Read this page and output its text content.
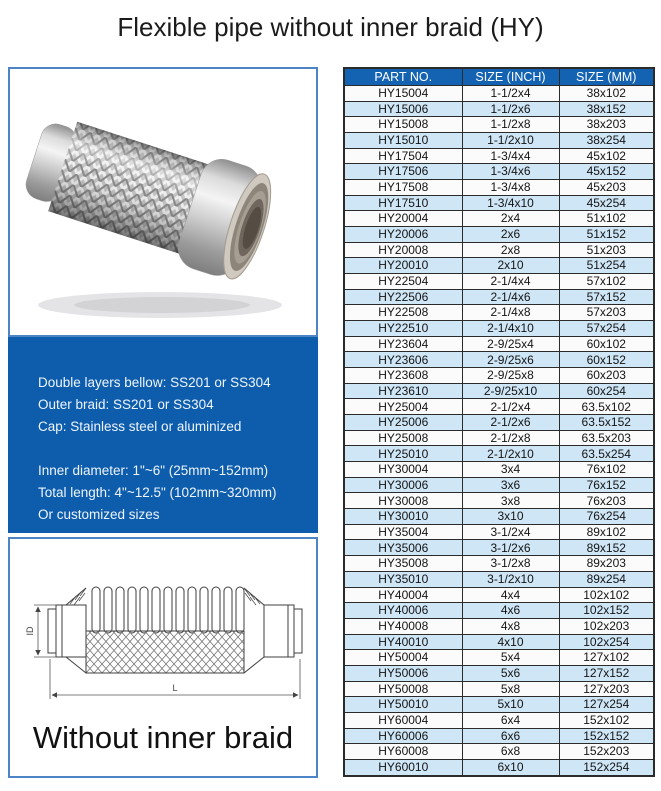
Flexible pipe without inner braid (HY)
Double layers bellow: SS201 or SS304
Outer braid: SS201 or SS304
Cap: Stainless steel or aluminized

Inner diameter: 1"~6" (25mm~152mm)
Total length: 4"~12.5" (102mm~320mm)
Or customized sizes
ID
L
Without inner braid
PART NO.	SIZE (INCH)	SIZE (MM)
HY15004	1-1/2x4	38x102
HY15006	1-1/2x6	38x152
HY15008	1-1/2x8	38x203
HY15010	1-1/2x10	38x254
HY17504	1-3/4x4	45x102
HY17506	1-3/4x6	45x152
HY17508	1-3/4x8	45x203
HY17510	1-3/4x10	45x254
HY20004	2x4	51x102
HY20006	2x6	51x152
HY20008	2x8	51x203
HY20010	2x10	51x254
HY22504	2-1/4x4	57x102
HY22506	2-1/4x6	57x152
HY22508	2-1/4x8	57x203
HY22510	2-1/4x10	57x254
HY23604	2-9/25x4	60x102
HY23606	2-9/25x6	60x152
HY23608	2-9/25x8	60x203
HY23610	2-9/25x10	60x254
HY25004	2-1/2x4	63.5x102
HY25006	2-1/2x6	63.5x152
HY25008	2-1/2x8	63.5x203
HY25010	2-1/2x10	63.5x254
HY30004	3x4	76x102
HY30006	3x6	76x152
HY30008	3x8	76x203
HY30010	3x10	76x254
HY35004	3-1/2x4	89x102
HY35006	3-1/2x6	89x152
HY35008	3-1/2x8	89x203
HY35010	3-1/2x10	89x254
HY40004	4x4	102x102
HY40006	4x6	102x152
HY40008	4x8	102x203
HY40010	4x10	102x254
HY50004	5x4	127x102
HY50006	5x6	127x152
HY50008	5x8	127x203
HY50010	5x10	127x254
HY60004	6x4	152x102
HY60006	6x6	152x152
HY60008	6x8	152x203
HY60010	6x10	152x254
